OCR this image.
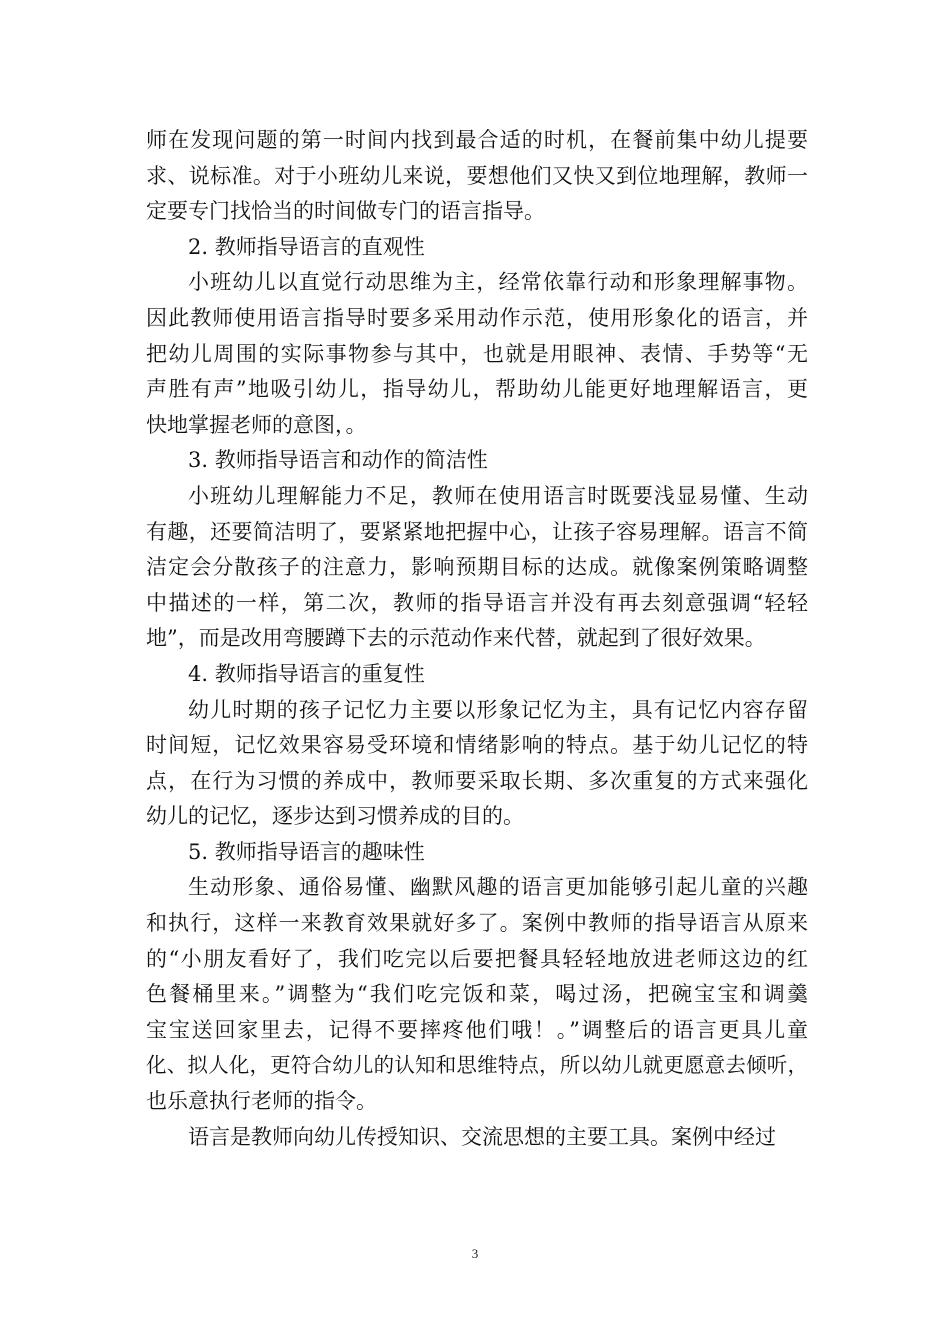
师在发现问题的第一时间内找到最合适的时机，在餐前集中幼儿提要
求、说标准。对于小班幼儿来说，要想他们又快又到位地理解，教师一
定要专门找恰当的时间做专门的语言指导。
2. 教师指导语言的直观性
小班幼儿以直觉行动思维为主，经常依靠行动和形象理解事物。
因此教师使用语言指导时要多采用动作示范，使用形象化的语言，并
把幼儿周围的实际事物参与其中，也就是用眼神、表情、手势等“无
声胜有声”地吸引幼儿，指导幼儿，帮助幼儿能更好地理解语言，更
快地掌握老师的意图，。
3. 教师指导语言和动作的简洁性
小班幼儿理解能力不足，教师在使用语言时既要浅显易懂、生动
有趣，还要简洁明了，要紧紧地把握中心，让孩子容易理解。语言不简
洁定会分散孩子的注意力，影响预期目标的达成。就像案例策略调整
中描述的一样，第二次，教师的指导语言并没有再去刻意强调“轻轻
地”，而是改用弯腰蹲下去的示范动作来代替，就起到了很好效果。
4. 教师指导语言的重复性
幼儿时期的孩子记忆力主要以形象记忆为主，具有记忆内容存留
时间短，记忆效果容易受环境和情绪影响的特点。基于幼儿记忆的特
点，在行为习惯的养成中，教师要采取长期、多次重复的方式来强化
幼儿的记忆，逐步达到习惯养成的目的。
5. 教师指导语言的趣味性
生动形象、通俗易懂、幽默风趣的语言更加能够引起儿童的兴趣
和执行，这样一来教育效果就好多了。案例中教师的指导语言从原来
的“小朋友看好了，我们吃完以后要把餐具轻轻地放进老师这边的红
色餐桶里来。”调整为“我们吃完饭和菜，喝过汤，把碗宝宝和调羹
宝宝送回家里去，记得不要摔疼他们哦！。”调整后的语言更具儿童
化、拟人化，更符合幼儿的认知和思维特点，所以幼儿就更愿意去倾听，
也乐意执行老师的指令。
语言是教师向幼儿传授知识、交流思想的主要工具。案例中经过
3
